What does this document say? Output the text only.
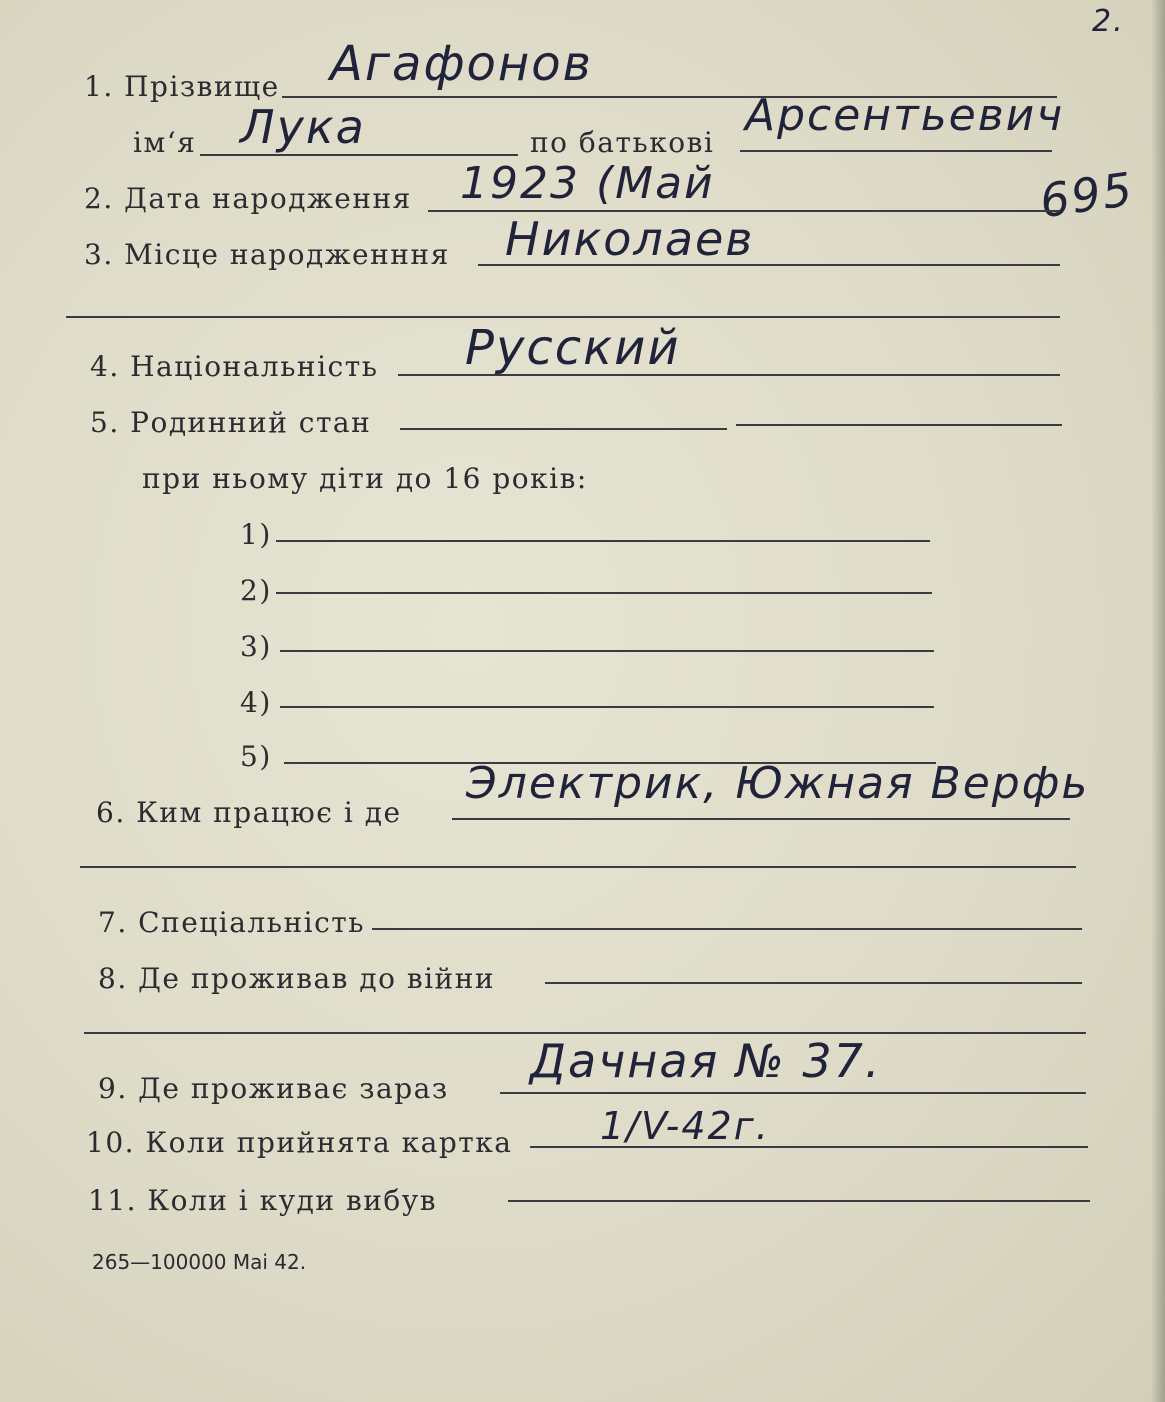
2.
695
1. Прізвище Агафонов
ім‘я Лука	по батькові
Арсентьевич
2. Дата народження 1923 (Май
3. Місце народженння Николаев
4. Національність Русский
5. Родинний стан
при ньому діти до 16 років:
1)
2)
3)
4)
5)
6. Ким працює і де
Электрик, Южная Верфь
7. Спеціальність
8. Де проживав до війни
9. Де проживає зараз
Дачная № 37.
10. Коли прийнята картка 1/V-42г.
11. Коли і куди вибув
265—100000 Маі 42.
